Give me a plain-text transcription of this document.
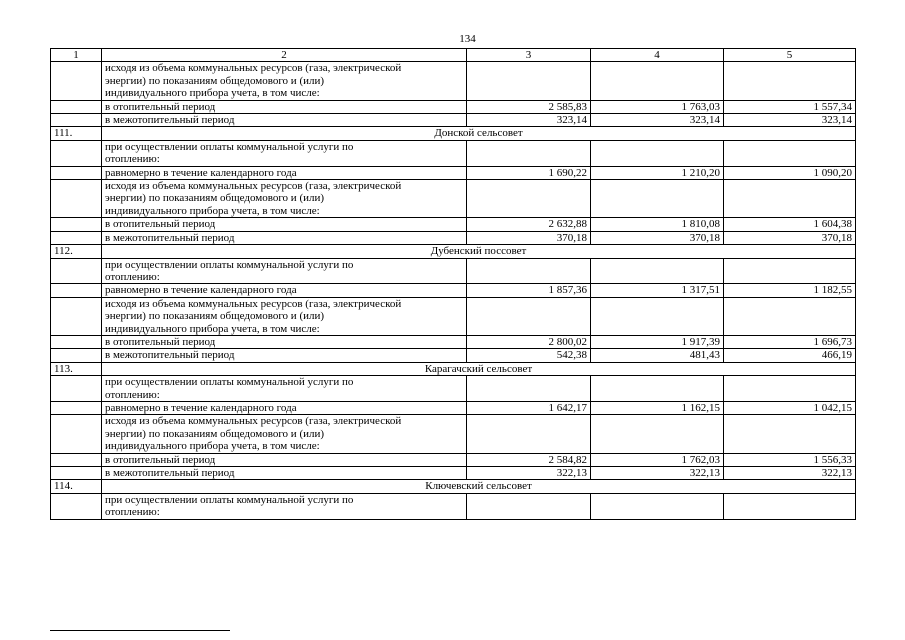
134
1	2	3	4	5

	исходя из объема коммунальных ресурсов (газа, электрической
энергии) по показаниям общедомового и (или)
индивидуального прибора учета, в том числе:			

	в отопительный период	2 585,83	1 763,03	1 557,34
	в межотопительный период	323,14	323,14	323,14
111.	Донской сельсовет			

	при осуществлении оплаты коммунальной услуги по
отоплению:			

	равномерно в течение календарного года	1 690,22	1 210,20	1 090,20

	исходя из объема коммунальных ресурсов (газа, электрической
энергии) по показаниям общедомового и (или)
индивидуального прибора учета, в том числе:			

	в отопительный период	2 632,88	1 810,08	1 604,38
	в межотопительный период	370,18	370,18	370,18
112.	Дубенский поссовет			

	при осуществлении оплаты коммунальной услуги по
отоплению:			

	равномерно в течение календарного года	1 857,36	1 317,51	1 182,55

	исходя из объема коммунальных ресурсов (газа, электрической
энергии) по показаниям общедомового и (или)
индивидуального прибора учета, в том числе:			

	в отопительный период	2 800,02	1 917,39	1 696,73
	в межотопительный период	542,38	481,43	466,19
113.	Карагачский сельсовет			

	при осуществлении оплаты коммунальной услуги по
отоплению:			

	равномерно в течение календарного года	1 642,17	1 162,15	1 042,15

	исходя из объема коммунальных ресурсов (газа, электрической
энергии) по показаниям общедомового и (или)
индивидуального прибора учета, в том числе:			

	в отопительный период	2 584,82	1 762,03	1 556,33
	в межотопительный период	322,13	322,13	322,13
114.	Ключевский сельсовет			

	при осуществлении оплаты коммунальной услуги по
отоплению:			
